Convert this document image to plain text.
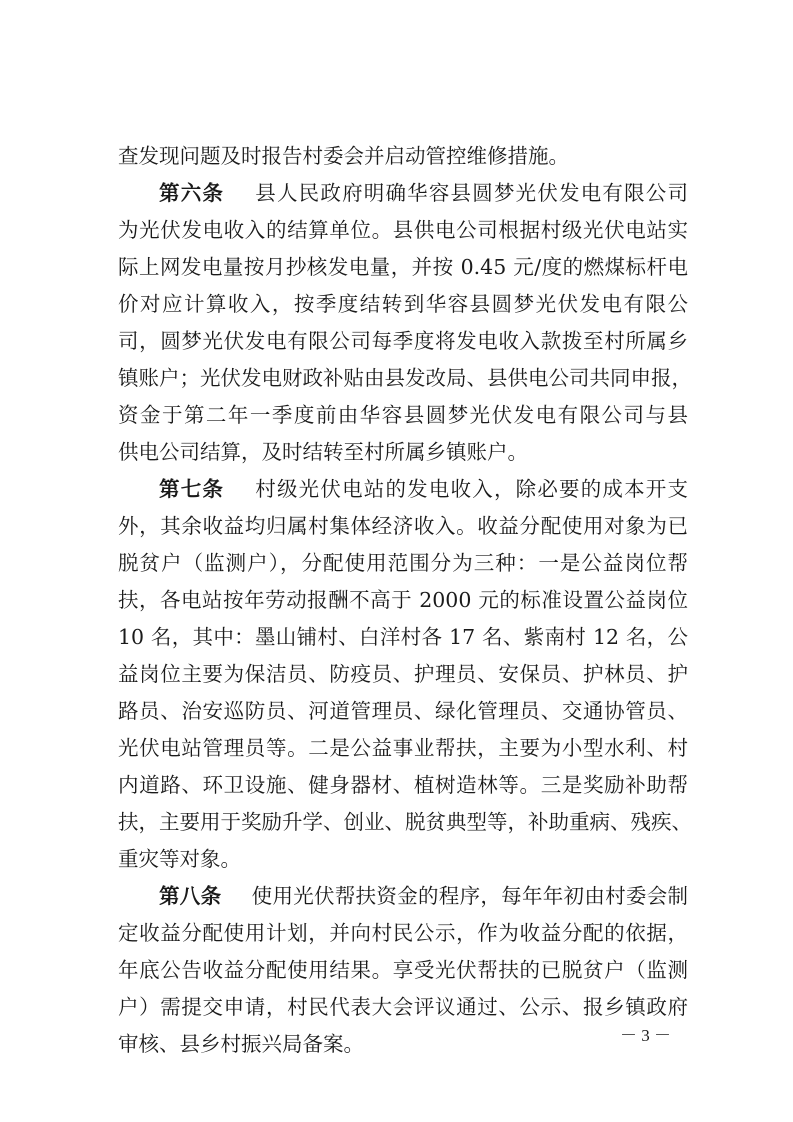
查发现问题及时报告村委会并启动管控维修措施。
第六条 县人民政府明确华容县圆梦光伏发电有限公司
为光伏发电收入的结算单位。县供电公司根据村级光伏电站实
际上网发电量按月抄核发电量，并按 0.45 元/度的燃煤标杆电
价对应计算收入，按季度结转到华容县圆梦光伏发电有限公
司，圆梦光伏发电有限公司每季度将发电收入款拨至村所属乡
镇账户；光伏发电财政补贴由县发改局、县供电公司共同申报，
资金于第二年一季度前由华容县圆梦光伏发电有限公司与县
供电公司结算，及时结转至村所属乡镇账户。
第七条 村级光伏电站的发电收入，除必要的成本开支
外，其余收益均归属村集体经济收入。收益分配使用对象为已
脱贫户（监测户），分配使用范围分为三种：一是公益岗位帮
扶，各电站按年劳动报酬不高于 2000 元的标准设置公益岗位
10 名，其中：墨山铺村、白洋村各 17 名、紫南村 12 名，公
益岗位主要为保洁员、防疫员、护理员、安保员、护林员、护
路员、治安巡防员、河道管理员、绿化管理员、交通协管员、
光伏电站管理员等。二是公益事业帮扶，主要为小型水利、村
内道路、环卫设施、健身器材、植树造林等。三是奖励补助帮
扶，主要用于奖励升学、创业、脱贫典型等，补助重病、残疾、
重灾等对象。
第八条 使用光伏帮扶资金的程序，每年年初由村委会制
定收益分配使用计划，并向村民公示，作为收益分配的依据，
年底公告收益分配使用结果。享受光伏帮扶的已脱贫户（监测
户）需提交申请，村民代表大会评议通过、公示、报乡镇政府
审核、县乡村振兴局备案。	－ 3 －
